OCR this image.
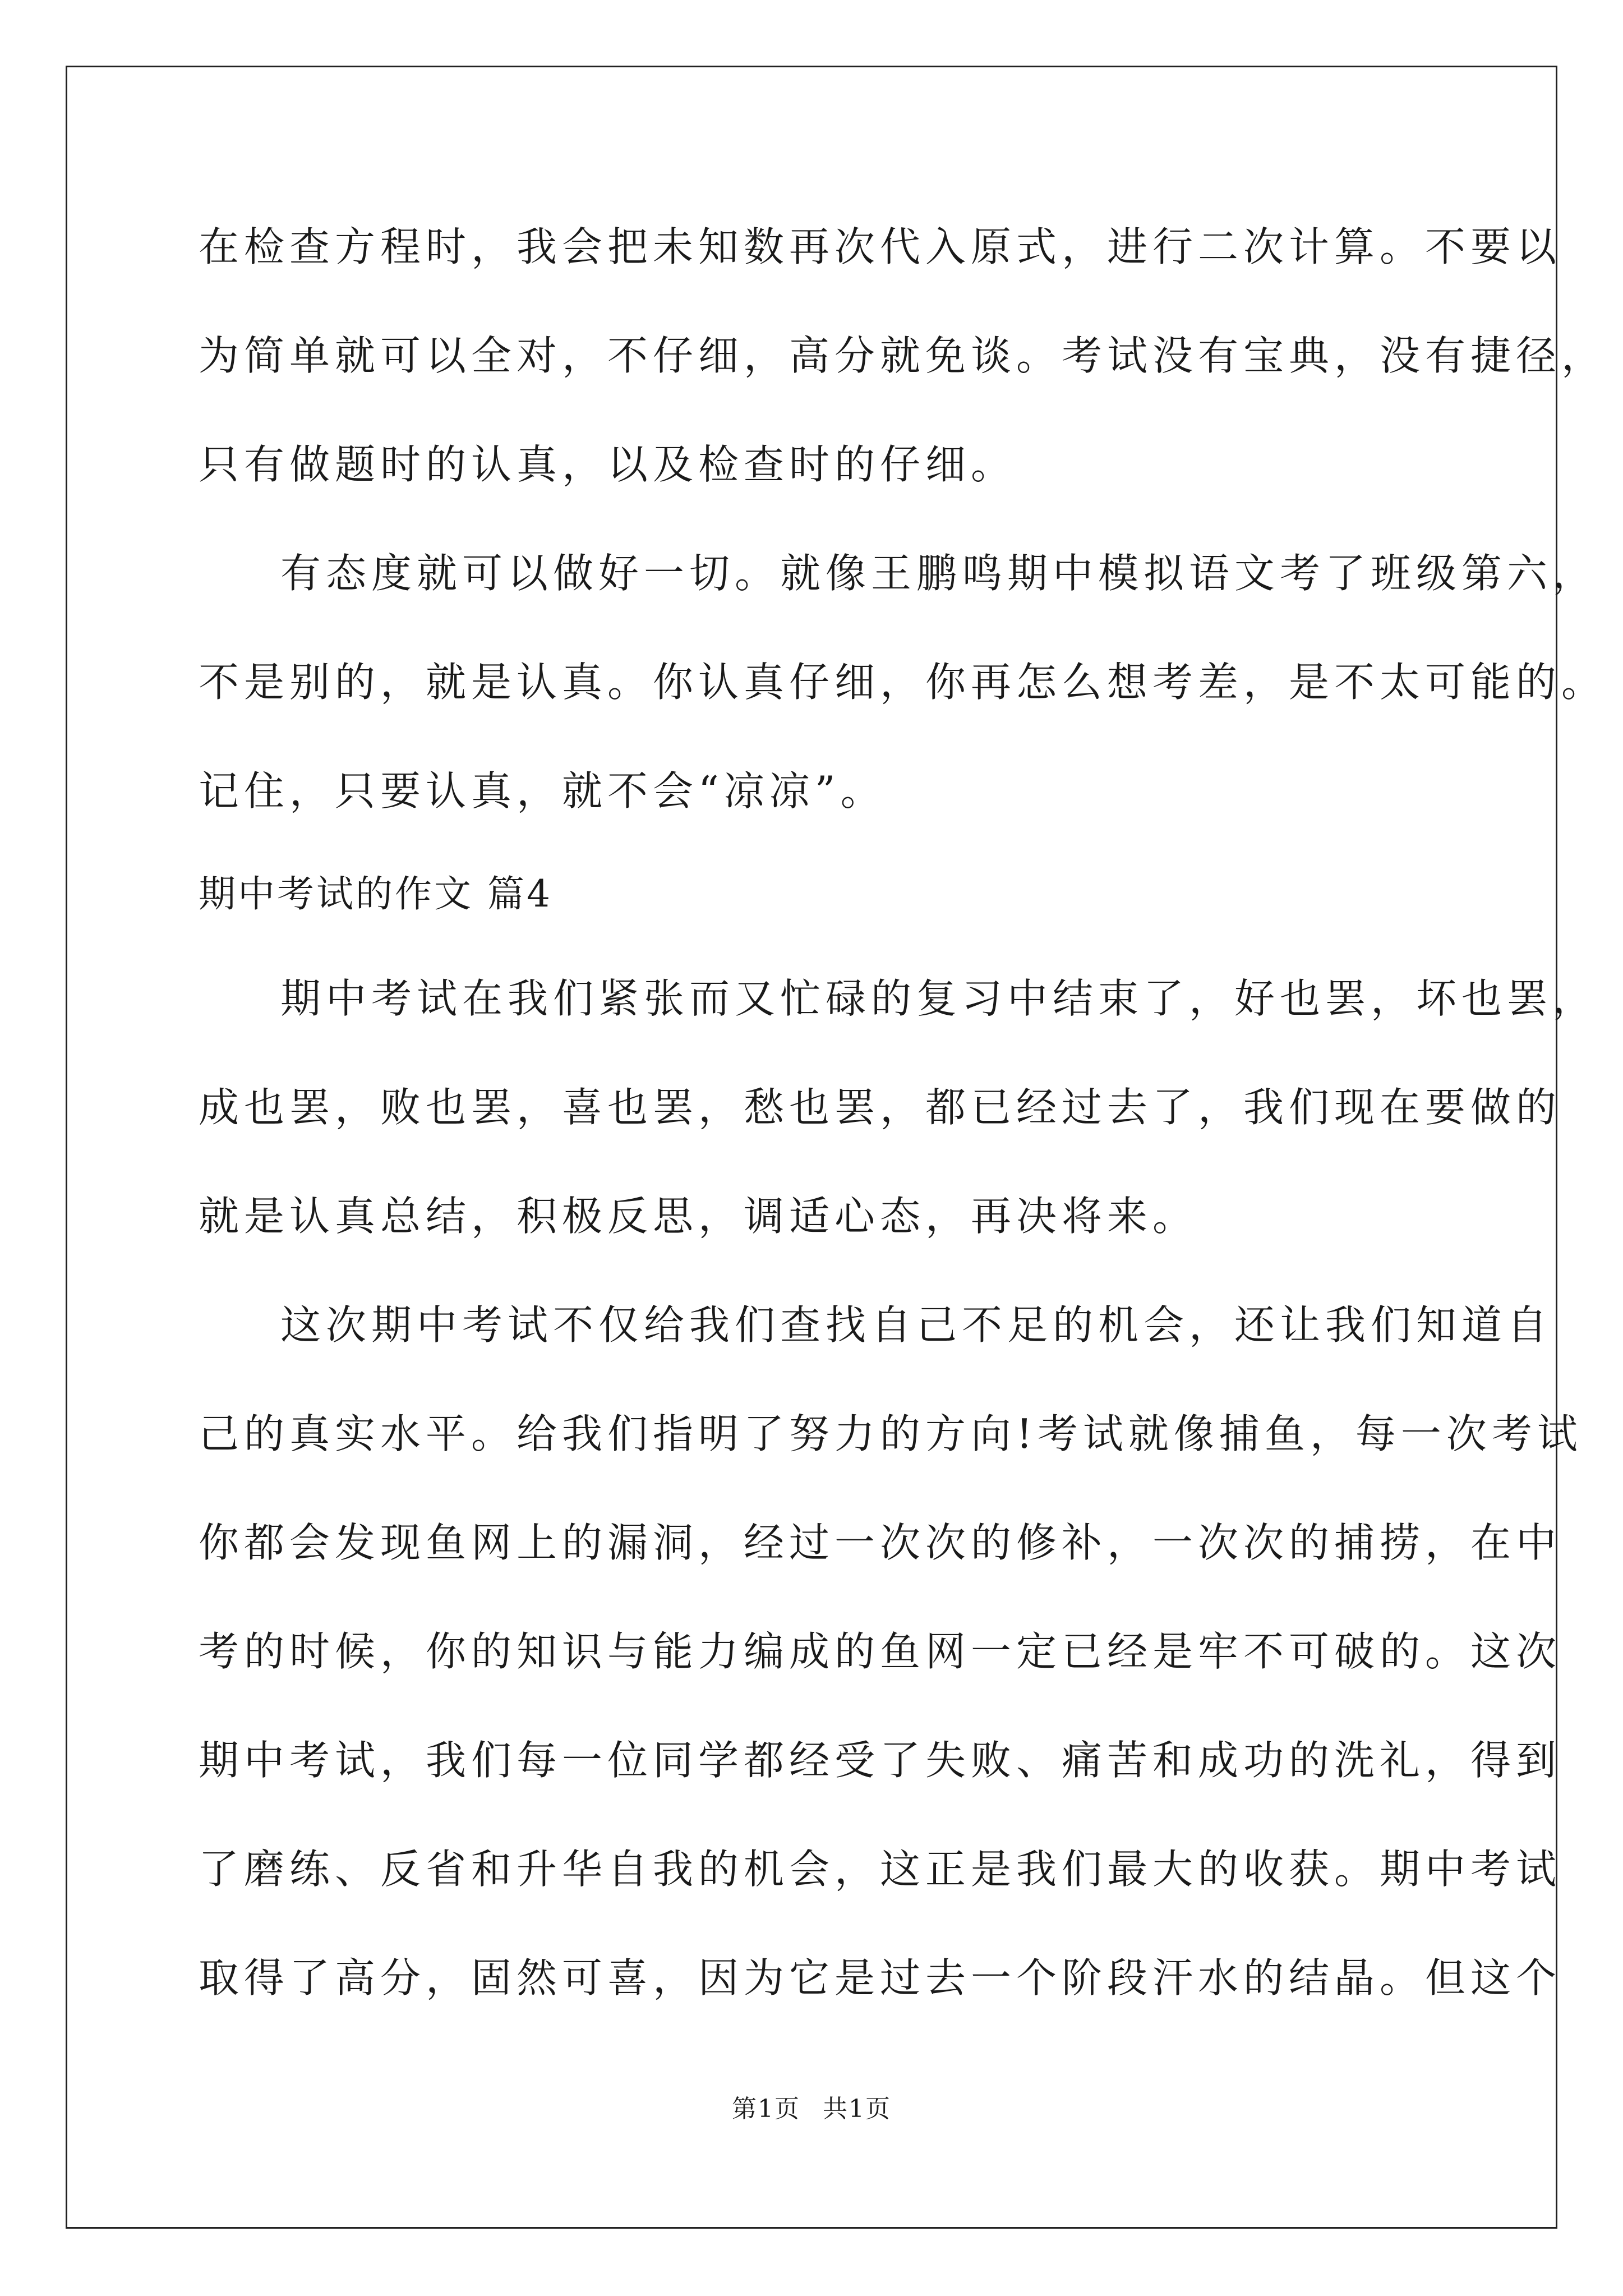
在检查方程时，我会把未知数再次代入原式，进行二次计算。不要以
为简单就可以全对，不仔细，高分就免谈。考试没有宝典，没有捷径，
只有做题时的认真，以及检查时的仔细。
有态度就可以做好一切。就像王鹏鸣期中模拟语文考了班级第六，
不是别的，就是认真。你认真仔细，你再怎么想考差，是不太可能的。
记住，只要认真，就不会“凉凉”。
期中考试的作文 篇4
期中考试在我们紧张而又忙碌的复习中结束了，好也罢，坏也罢，
成也罢，败也罢，喜也罢，愁也罢，都已经过去了，我们现在要做的
就是认真总结，积极反思，调适心态，再决将来。
这次期中考试不仅给我们查找自己不足的机会，还让我们知道自
己的真实水平。给我们指明了努力的方向!考试就像捕鱼，每一次考试
你都会发现鱼网上的漏洞，经过一次次的修补，一次次的捕捞，在中
考的时候，你的知识与能力编成的鱼网一定已经是牢不可破的。这次
期中考试，我们每一位同学都经受了失败、痛苦和成功的洗礼，得到
了磨练、反省和升华自我的机会，这正是我们最大的收获。期中考试
取得了高分，固然可喜，因为它是过去一个阶段汗水的结晶。但这个
第1页 共1页
